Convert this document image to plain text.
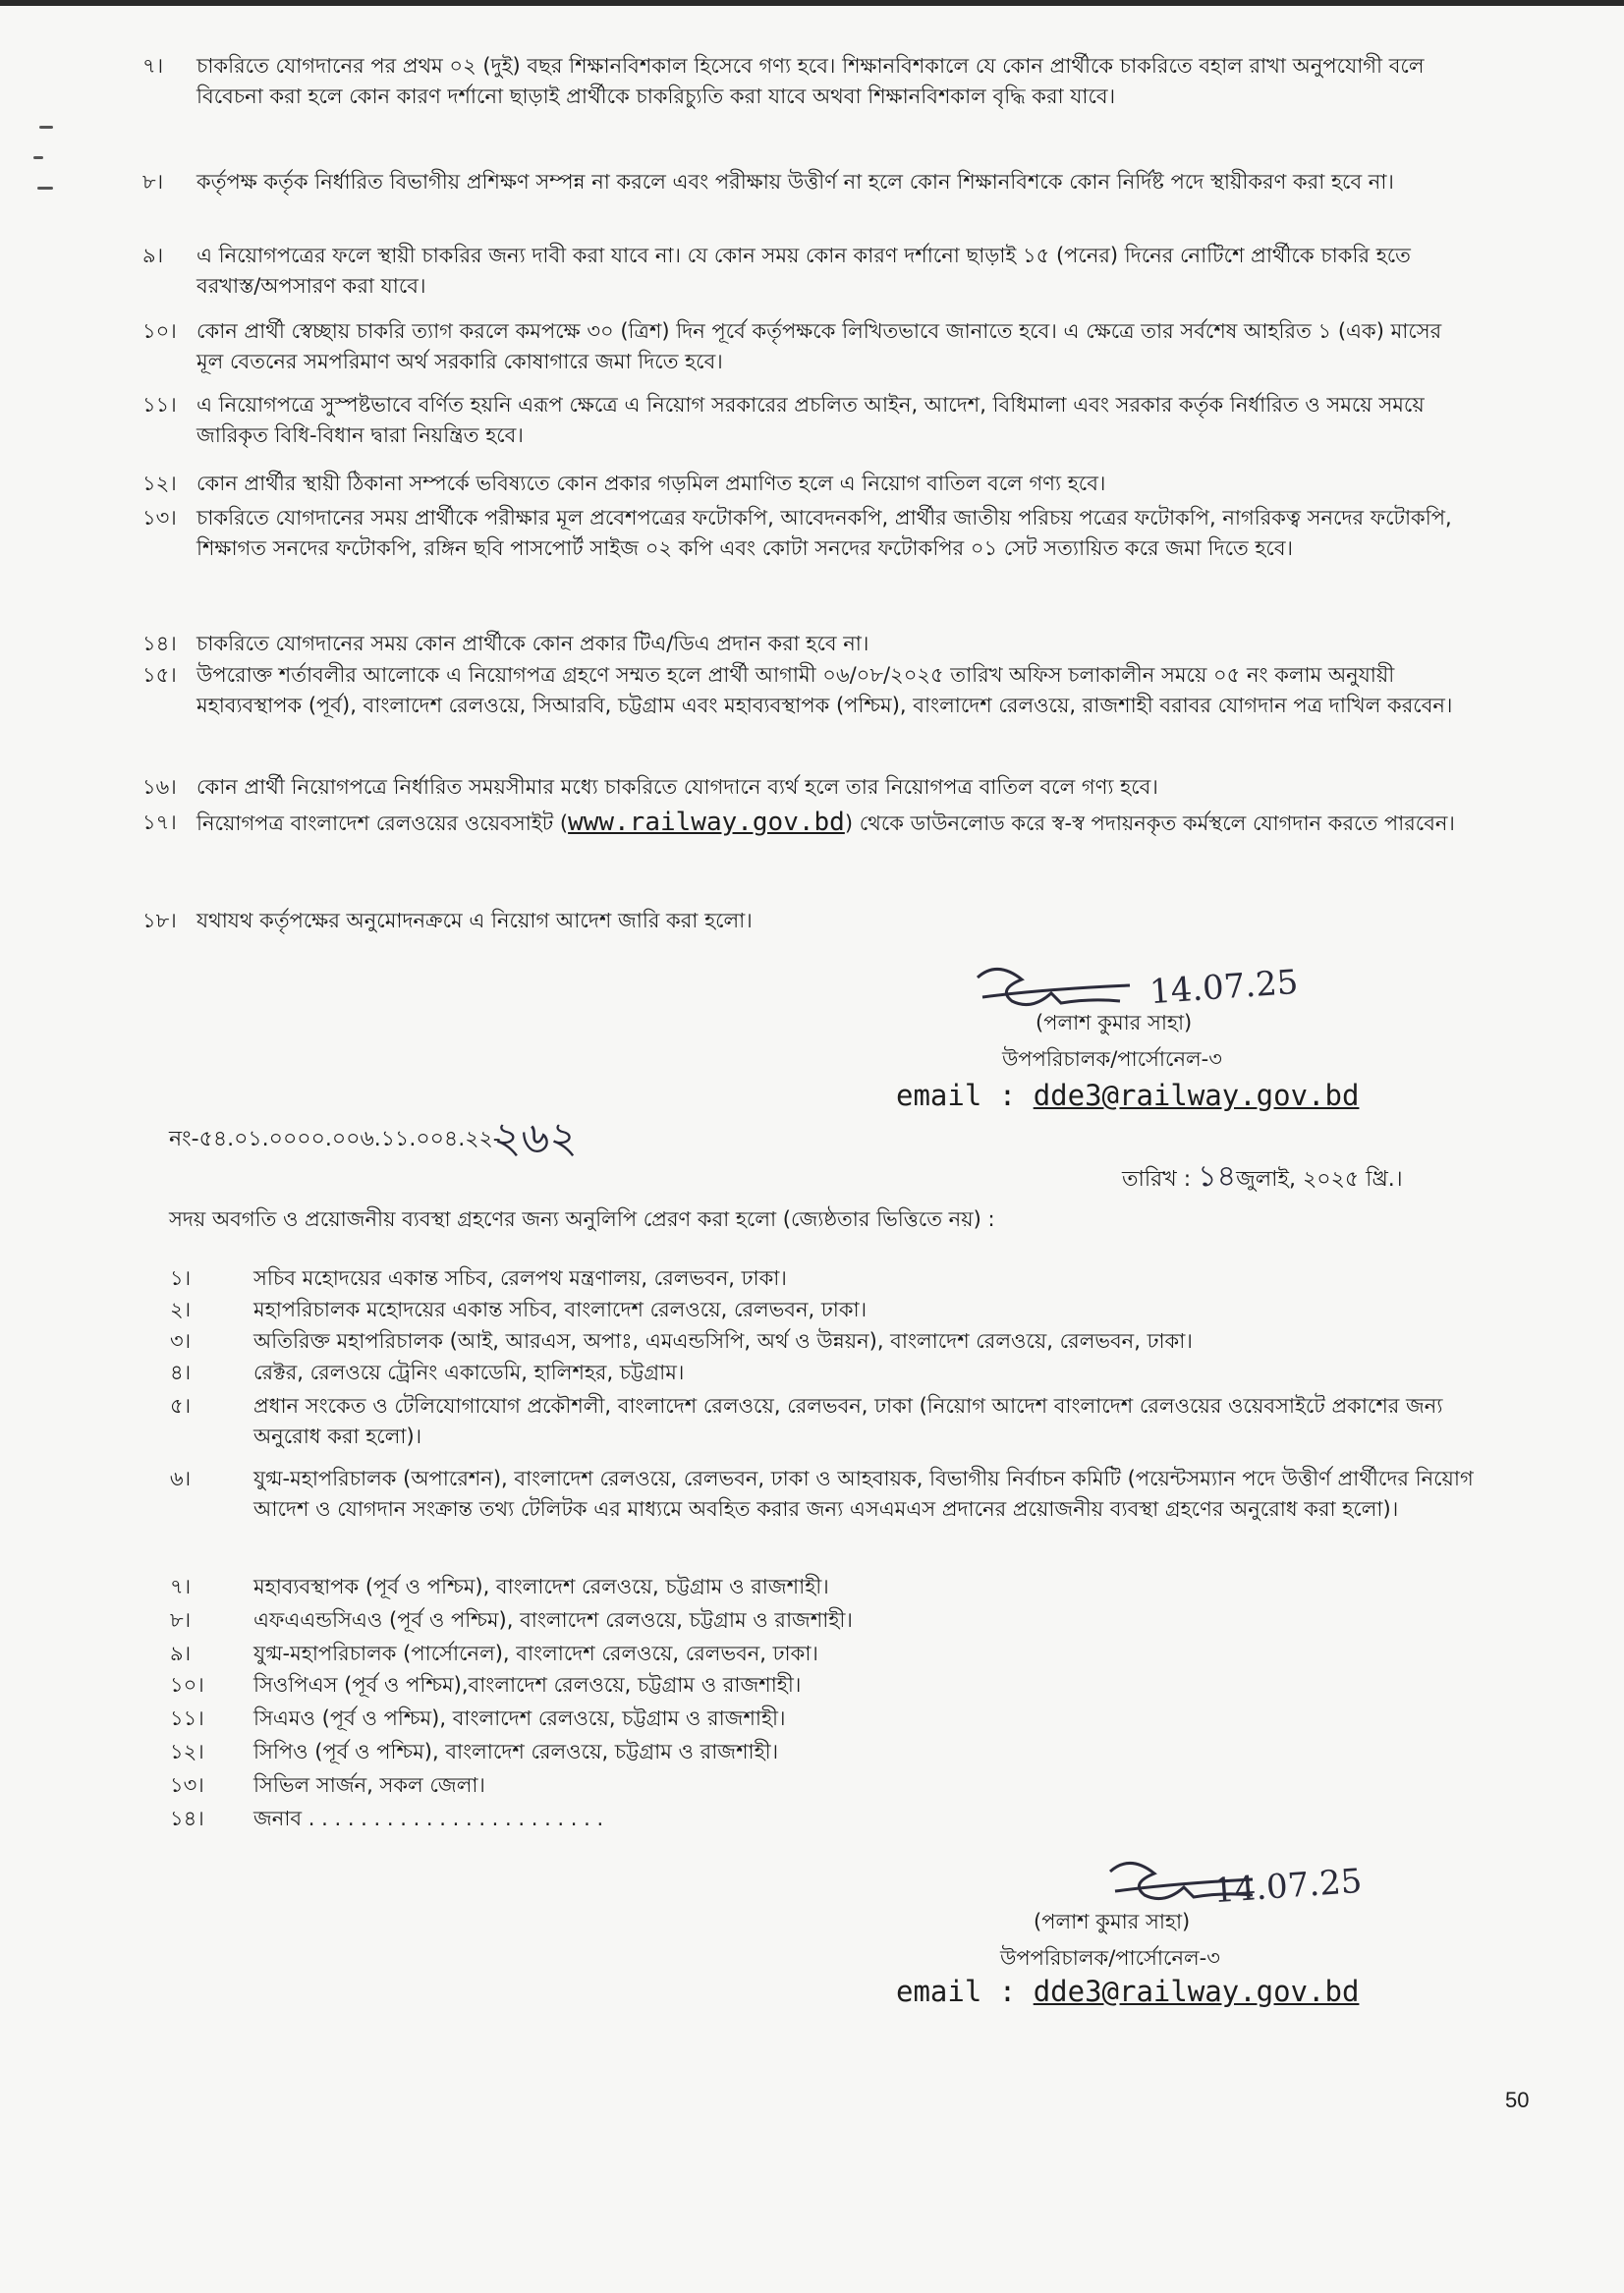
৭।	চাকরিতে যোগদানের পর প্রথম ০২ (দুই) বছর শিক্ষানবিশকাল হিসেবে গণ্য হবে। শিক্ষানবিশকালে যে কোন প্রার্থীকে চাকরিতে বহাল রাখা অনুপযোগী বলে বিবেচনা করা হলে কোন কারণ দর্শানো ছাড়াই প্রার্থীকে চাকরিচ্যুতি করা যাবে অথবা শিক্ষানবিশকাল বৃদ্ধি করা যাবে।
৮।	কর্তৃপক্ষ কর্তৃক নির্ধারিত বিভাগীয় প্রশিক্ষণ সম্পন্ন না করলে এবং পরীক্ষায় উত্তীর্ণ না হলে কোন শিক্ষানবিশকে কোন নির্দিষ্ট পদে স্থায়ীকরণ করা হবে না।
৯।	এ নিয়োগপত্রের ফলে স্থায়ী চাকরির জন্য দাবী করা যাবে না। যে কোন সময় কোন কারণ দর্শানো ছাড়াই ১৫ (পনের) দিনের নোটিশে প্রার্থীকে চাকরি হতে বরখাস্ত/অপসারণ করা যাবে।
১০। কোন প্রার্থী স্বেচ্ছায় চাকরি ত্যাগ করলে কমপক্ষে ৩০ (ত্রিশ) দিন পূর্বে কর্তৃপক্ষকে লিখিতভাবে জানাতে হবে। এ ক্ষেত্রে তার সর্বশেষ আহরিত ১ (এক) মাসের মূল বেতনের সমপরিমাণ অর্থ সরকারি কোষাগারে জমা দিতে হবে।
১১। এ নিয়োগপত্রে সুস্পষ্টভাবে বর্ণিত হয়নি এরূপ ক্ষেত্রে এ নিয়োগ সরকারের প্রচলিত আইন, আদেশ, বিধিমালা এবং সরকার কর্তৃক নির্ধারিত ও সময়ে সময়ে জারিকৃত বিধি-বিধান দ্বারা নিয়ন্ত্রিত হবে।
১২। কোন প্রার্থীর স্থায়ী ঠিকানা সম্পর্কে ভবিষ্যতে কোন প্রকার গড়মিল প্রমাণিত হলে এ নিয়োগ বাতিল বলে গণ্য হবে।
১৩। চাকরিতে যোগদানের সময় প্রার্থীকে পরীক্ষার মূল প্রবেশপত্রের ফটোকপি, আবেদনকপি, প্রার্থীর জাতীয় পরিচয় পত্রের ফটোকপি, নাগরিকত্ব সনদের ফটোকপি, শিক্ষাগত সনদের ফটোকপি, রঙ্গিন ছবি পাসপোর্ট সাইজ ০২ কপি এবং কোটা সনদের ফটোকপির ০১ সেট সত্যায়িত করে জমা দিতে হবে।
১৪। চাকরিতে যোগদানের সময় কোন প্রার্থীকে কোন প্রকার টিএ/ডিএ প্রদান করা হবে না।
১৫। উপরোক্ত শর্তাবলীর আলোকে এ নিয়োগপত্র গ্রহণে সম্মত হলে প্রার্থী আগামী ০৬/০৮/২০২৫ তারিখ অফিস চলাকালীন সময়ে ০৫ নং কলাম অনুযায়ী মহাব্যবস্থাপক (পূর্ব), বাংলাদেশ রেলওয়ে, সিআরবি, চট্টগ্রাম এবং মহাব্যবস্থাপক (পশ্চিম), বাংলাদেশ রেলওয়ে, রাজশাহী বরাবর যোগদান পত্র দাখিল করবেন।
১৬। কোন প্রার্থী নিয়োগপত্রে নির্ধারিত সময়সীমার মধ্যে চাকরিতে যোগদানে ব্যর্থ হলে তার নিয়োগপত্র বাতিল বলে গণ্য হবে।
১৭। নিয়োগপত্র বাংলাদেশ রেলওয়ের ওয়েবসাইট (www.railway.gov.bd) থেকে ডাউনলোড করে স্ব-স্ব পদায়নকৃত কর্মস্থলে যোগদান করতে পারবেন।
১৮। যথাযথ কর্তৃপক্ষের অনুমোদনক্রমে এ নিয়োগ আদেশ জারি করা হলো।
14.07.25
(পলাশ কুমার সাহা)
উপপরিচালক/পার্সোনেল-৩
email : dde3@railway.gov.bd
নং-৫৪.০১.০০০০.০০৬.১১.০০৪.২২-
২৬২
তারিখ : ১৪জুলাই, ২০২৫ খ্রি.।
সদয় অবগতি ও প্রয়োজনীয় ব্যবস্থা গ্রহণের জন্য অনুলিপি প্রেরণ করা হলো (জ্যেষ্ঠতার ভিত্তিতে নয়) :
১।	সচিব মহোদয়ের একান্ত সচিব, রেলপথ মন্ত্রণালয়, রেলভবন, ঢাকা।
২।	মহাপরিচালক মহোদয়ের একান্ত সচিব, বাংলাদেশ রেলওয়ে, রেলভবন, ঢাকা।
৩।	অতিরিক্ত মহাপরিচালক (আই, আরএস, অপাঃ, এমএন্ডসিপি, অর্থ ও উন্নয়ন), বাংলাদেশ রেলওয়ে, রেলভবন, ঢাকা।
৪।	রেক্টর, রেলওয়ে ট্রেনিং একাডেমি, হালিশহর, চট্টগ্রাম।
৫।	প্রধান সংকেত ও টেলিযোগাযোগ প্রকৌশলী, বাংলাদেশ রেলওয়ে, রেলভবন, ঢাকা (নিয়োগ আদেশ বাংলাদেশ রেলওয়ের ওয়েবসাইটে প্রকাশের জন্য অনুরোধ করা হলো)।
৬।	যুগ্ম-মহাপরিচালক (অপারেশন), বাংলাদেশ রেলওয়ে, রেলভবন, ঢাকা ও আহবায়ক, বিভাগীয় নির্বাচন কমিটি (পয়েন্টসম্যান পদে উত্তীর্ণ প্রার্থীদের নিয়োগ আদেশ ও যোগদান সংক্রান্ত তথ্য টেলিটক এর মাধ্যমে অবহিত করার জন্য এসএমএস প্রদানের প্রয়োজনীয় ব্যবস্থা গ্রহণের অনুরোধ করা হলো)।
৭।	মহাব্যবস্থাপক (পূর্ব ও পশ্চিম), বাংলাদেশ রেলওয়ে, চট্টগ্রাম ও রাজশাহী।
৮।	এফএএন্ডসিএও (পূর্ব ও পশ্চিম), বাংলাদেশ রেলওয়ে, চট্টগ্রাম ও রাজশাহী।
৯।	যুগ্ম-মহাপরিচালক (পার্সোনেল), বাংলাদেশ রেলওয়ে, রেলভবন, ঢাকা।
১০।	সিওপিএস (পূর্ব ও পশ্চিম),বাংলাদেশ রেলওয়ে, চট্টগ্রাম ও রাজশাহী।
১১।	সিএমও (পূর্ব ও পশ্চিম), বাংলাদেশ রেলওয়ে, চট্টগ্রাম ও রাজশাহী।
১২।	সিপিও (পূর্ব ও পশ্চিম), বাংলাদেশ রেলওয়ে, চট্টগ্রাম ও রাজশাহী।
১৩।	সিভিল সার্জন, সকল জেলা।
১৪।	জনাব . . . . . . . . . . . . . . . . . . . . . . .
14.07.25
(পলাশ কুমার সাহা)
উপপরিচালক/পার্সোনেল-৩
email : dde3@railway.gov.bd
50
